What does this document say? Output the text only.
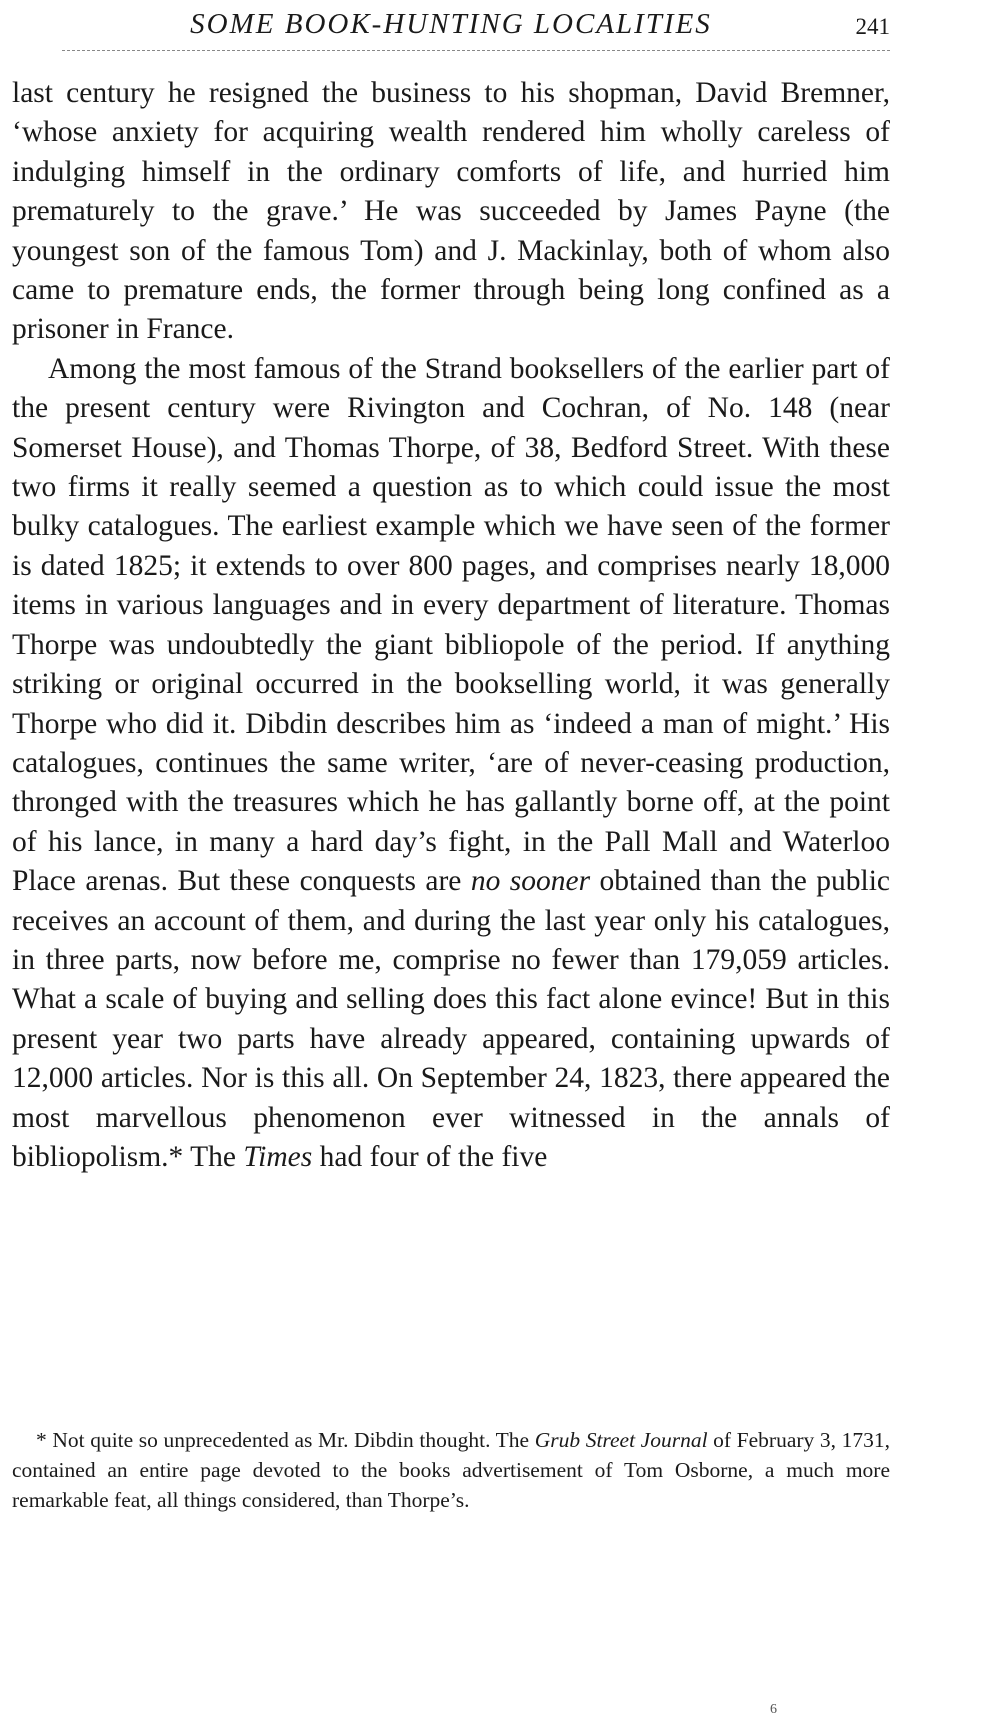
SOME BOOK-HUNTING LOCALITIES	241

last century he resigned the business to his shopman, David Bremner, ‘whose anxiety for acquiring wealth rendered him wholly careless of indulging himself in the ordinary comforts of life, and hurried him prematurely to the grave.’ He was succeeded by James Payne (the youngest son of the famous Tom) and J. Mackinlay, both of whom also came to premature ends, the former through being long confined as a prisoner in France.

Among the most famous of the Strand booksellers of the earlier part of the present century were Rivington and Cochran, of No. 148 (near Somerset House), and Thomas Thorpe, of 38, Bedford Street. With these two firms it really seemed a question as to which could issue the most bulky catalogues. The earliest example which we have seen of the former is dated 1825; it extends to over 800 pages, and comprises nearly 18,000 items in various languages and in every department of literature. Thomas Thorpe was undoubtedly the giant bibliopole of the period. If anything striking or original occurred in the bookselling world, it was generally Thorpe who did it. Dibdin describes him as ‘indeed a man of might.’ His catalogues, continues the same writer, ‘are of never-ceasing production, thronged with the treasures which he has gallantly borne off, at the point of his lance, in many a hard day’s fight, in the Pall Mall and Waterloo Place arenas. But these conquests are no sooner obtained than the public receives an account of them, and during the last year only his catalogues, in three parts, now before me, comprise no fewer than 179,059 articles. What a scale of buying and selling does this fact alone evince! But in this present year two parts have already appeared, containing upwards of 12,000 articles. Nor is this all. On September 24, 1823, there appeared the most marvellous phenomenon ever witnessed in the annals of bibliopolism.* The Times had four of the five

* Not quite so unprecedented as Mr. Dibdin thought. The Grub Street Journal of February 3, 1731, contained an entire page devoted to the books advertisement of Tom Osborne, a much more remarkable feat, all things considered, than Thorpe’s.

6
